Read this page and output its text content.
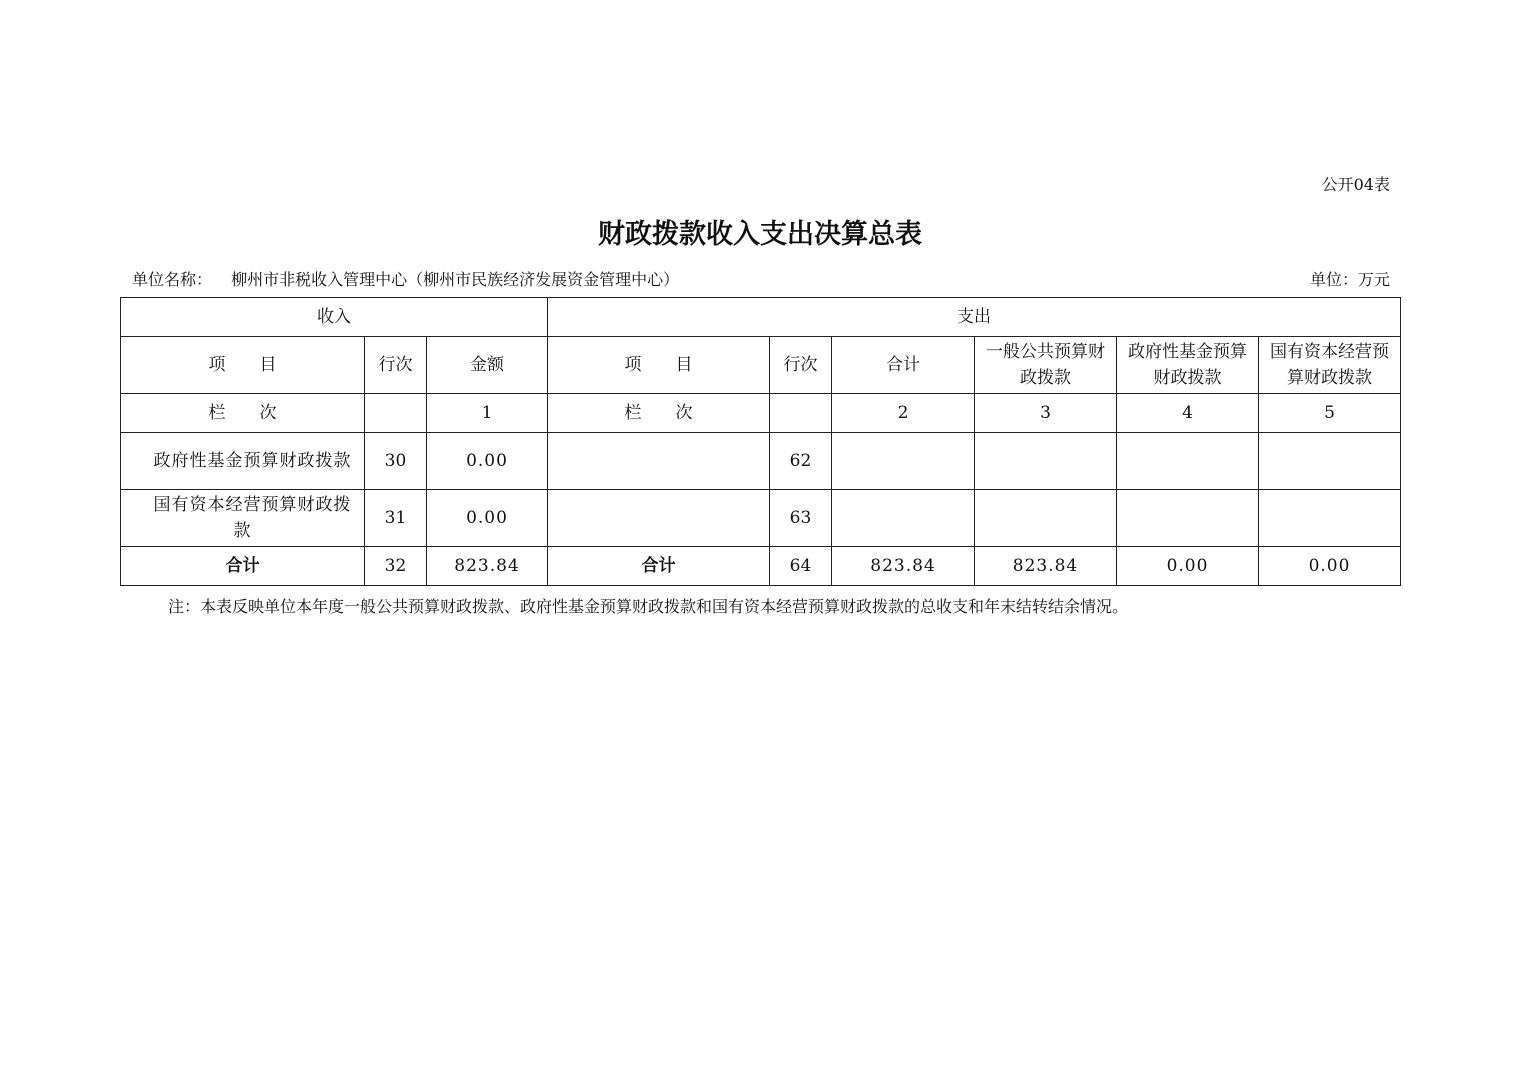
公开04表
财政拨款收入支出决算总表
单位名称： 柳州市非税收入管理中心（柳州市民族经济发展资金管理中心）	单位：万元
收入			支出					
项　　目	行次	金额	项　　目	行次	合计	一般公共预算财政拨款	政府性基金预算财政拨款	国有资本经营预算财政拨款
栏　　次		1	栏　　次		2	3	4	5
政府性基金预算财政拨款	30	0.00		62				
国有资本经营预算财政拨款	31	0.00		63				
合计	32	823.84	合计	64	823.84	823.84	0.00	0.00
注：本表反映单位本年度一般公共预算财政拨款、政府性基金预算财政拨款和国有资本经营预算财政拨款的总收支和年末结转结余情况。
